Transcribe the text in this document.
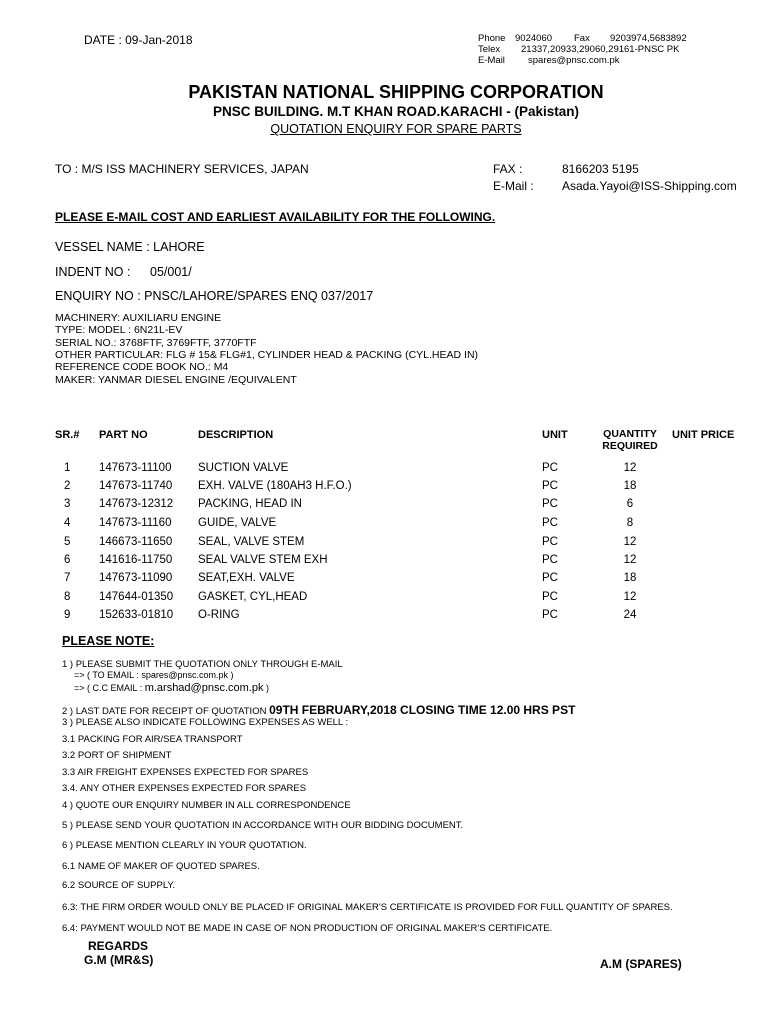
DATE : 09-Jan-2018	Phone 9024060 Fax 9203974,5683892
Telex 21337,20933,29060,29161-PNSC PK
E-Mail spares@pnsc.com.pk
PAKISTAN NATIONAL SHIPPING CORPORATION
PNSC BUILDING. M.T KHAN ROAD.KARACHI - (Pakistan)
QUOTATION ENQUIRY FOR SPARE PARTS
TO : M/S ISS MACHINERY SERVICES, JAPAN	FAX :	8166203 5195
E-Mail : Asada.Yayoi@ISS-Shipping.com
PLEASE E-MAIL COST AND EARLIEST AVAILABILITY FOR THE FOLLOWING.
VESSEL NAME : LAHORE
INDENT NO : 05/001/
ENQUIRY NO : PNSC/LAHORE/SPARES ENQ 037/2017
MACHINERY: AUXILIARU ENGINE
TYPE: MODEL : 6N21L-EV
SERIAL NO.: 3768FTF, 3769FTF, 3770FTF
OTHER PARTICULAR: FLG # 15& FLG#1, CYLINDER HEAD & PACKING (CYL.HEAD IN)
REFERENCE CODE BOOK NO.: M4
MAKER: YANMAR DIESEL ENGINE /EQUIVALENT
SR.# PART NO	DESCRIPTION	UNIT	QUANTITY
REQUIRED
UNIT PRICE
1 147673-11100 SUCTION VALVE	PC	12
2 147673-11740 EXH. VALVE (180AH3 H.F.O.)	PC	18
3 147673-12312 PACKING, HEAD IN	PC	6
4 147673-11160 GUIDE, VALVE	PC	8
5 146673-11650 SEAL, VALVE STEM	PC	12
6 141616-11750 SEAL VALVE STEM EXH	PC	12
7 147673-11090 SEAT,EXH. VALVE	PC	18
8 147644-01350 GASKET, CYL,HEAD	PC	12
9 152633-01810 O-RING	PC	24
PLEASE NOTE:
1 ) PLEASE SUBMIT THE QUOTATION ONLY THROUGH E-MAIL
=> ( TO EMAIL : spares@pnsc.com.pk )
=> ( C.C EMAIL : m.arshad@pnsc.com.pk )
2 ) LAST DATE FOR RECEIPT OF QUOTATION 09TH FEBRUARY,2018 CLOSING TIME 12.00 HRS PST
3 ) PLEASE ALSO INDICATE FOLLOWING EXPENSES AS WELL :
3.1 PACKING FOR AIR/SEA TRANSPORT
3.2 PORT OF SHIPMENT
3.3 AIR FREIGHT EXPENSES EXPECTED FOR SPARES
3.4. ANY OTHER EXPENSES EXPECTED FOR SPARES
4 ) QUOTE OUR ENQUIRY NUMBER IN ALL CORRESPONDENCE
5 ) PLEASE SEND YOUR QUOTATION IN ACCORDANCE WITH OUR BIDDING DOCUMENT.
6 ) PLEASE MENTION CLEARLY IN YOUR QUOTATION.
6.1 NAME OF MAKER OF QUOTED SPARES.
6.2 SOURCE OF SUPPLY.
6.3: THE FIRM ORDER WOULD ONLY BE PLACED IF ORIGINAL MAKER'S CERTIFICATE IS PROVIDED FOR FULL QUANTITY OF SPARES.
6.4: PAYMENT WOULD NOT BE MADE IN CASE OF NON PRODUCTION OF ORIGINAL MAKER'S CERTIFICATE.
REGARDS
G.M (MR&S)	A.M (SPARES)
